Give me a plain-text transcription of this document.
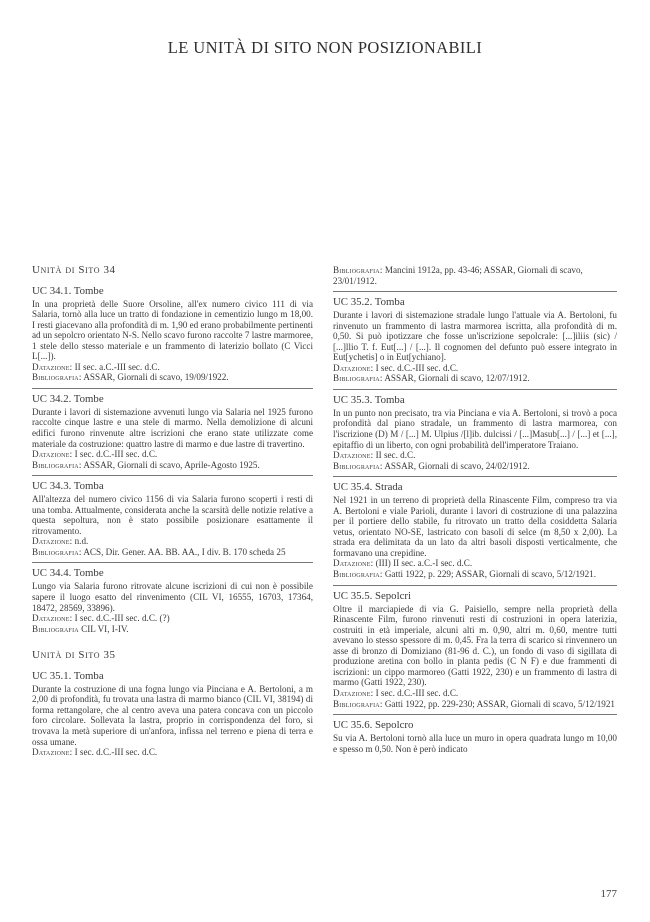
LE UNITÀ DI SITO NON POSIZIONABILI
Unità di Sito 34
UC 34.1. Tombe

In una proprietà delle Suore Orsoline, all'ex numero civico 111 di via Salaria, tornò alla luce un tratto di fondazione in cementizio lungo m 18,00. I resti giacevano alla profondità di m. 1,90 ed erano probabilmente pertinenti ad un sepolcro orientato N-S. Nello scavo furono raccolte 7 lastre marmoree, 1 stele dello stesso materiale e un frammento di laterizio bollato (C Vicci L[...]).

Datazione: II sec. a.C.-III sec. d.C.

Bibliografia: ASSAR, Giornali di scavo, 19/09/1922.

UC 34.2. Tombe

Durante i lavori di sistemazione avvenuti lungo via Salaria nel 1925 furono raccolte cinque lastre e una stele di marmo. Nella demolizione di alcuni edifici furono rinvenute altre iscrizioni che erano state utilizzate come materiale da costruzione: quattro lastre di marmo e due lastre di travertino.

Datazione: I sec. d.C.-III sec. d.C.

Bibliografia: ASSAR, Giornali di scavo, Aprile-Agosto 1925.

UC 34.3. Tomba

All'altezza del numero civico 1156 di via Salaria furono scoperti i resti di una tomba. Attualmente, considerata anche la scarsità delle notizie relative a questa sepoltura, non è stato possibile posizionare esattamente il ritrovamento.

Datazione: n.d.

Bibliografia: ACS, Dir. Gener. AA. BB. AA., I div. B. 170 scheda 25

UC 34.4. Tombe

Lungo via Salaria furono ritrovate alcune iscrizioni di cui non è possibile sapere il luogo esatto del rinvenimento (CIL VI, 16555, 16703, 17364, 18472, 28569, 33896).

Datazione: I sec. d.C.-III sec. d.C. (?)

Bibliografia CIL VI, I-IV.

Unità di Sito 35
UC 35.1. Tomba

Durante la costruzione di una fogna lungo via Pinciana e A. Bertoloni, a m 2,00 di profondità, fu trovata una lastra di marmo bianco (CIL VI, 38194) di forma rettangolare, che al centro aveva una patera concava con un piccolo foro circolare. Sollevata la lastra, proprio in corrispondenza del foro, si trovava la metà superiore di un'anfora, infissa nel terreno e piena di terra e ossa umane.

Datazione: I sec. d.C.-III sec. d.C.

Bibliografia: Mancini 1912a, pp. 43-46; ASSAR, Giornali di scavo, 23/01/1912.

UC 35.2. Tomba

Durante i lavori di sistemazione stradale lungo l'attuale via A. Bertoloni, fu rinvenuto un frammento di lastra marmorea iscritta, alla profondità di m. 0,50. Si può ipotizzare che fosse un'iscrizione sepolcrale: [...]iliis (sic) / [...]llio T. f. Eut[...] / [...]. Il cognomen del defunto può essere integrato in Eut[ychetis] o in Eut[ychiano].

Datazione: I sec. d.C.-III sec. d.C.

Bibliografia: ASSAR, Giornali di scavo, 12/07/1912.

UC 35.3. Tomba

In un punto non precisato, tra via Pinciana e via A. Bertoloni, si trovò a poca profondità dal piano stradale, un frammento di lastra marmorea, con l'iscrizione (D) M / [...] M. Ulpius /[l]ib. dulcissi / [...]Masub[...] / [...] et [...], epitaffio di un liberto, con ogni probabilità dell'imperatore Traiano.

Datazione: II sec. d.C.

Bibliografia: ASSAR, Giornali di scavo, 24/02/1912.

UC 35.4. Strada

Nel 1921 in un terreno di proprietà della Rinascente Film, compreso tra via A. Bertoloni e viale Parioli, durante i lavori di costruzione di una palazzina per il portiere dello stabile, fu ritrovato un tratto della cosiddetta Salaria vetus, orientato NO-SE, lastricato con basoli di selce (m 8,50 x 2,00). La strada era delimitata da un lato da altri basoli disposti verticalmente, che formavano una crepidine.

Datazione: (III) II sec. a.C.-I sec. d.C.

Bibliografia: Gatti 1922, p. 229; ASSAR, Giornali di scavo, 5/12/1921.

UC 35.5. Sepolcri

Oltre il marciapiede di via G. Paisiello, sempre nella proprietà della Rinascente Film, furono rinvenuti resti di costruzioni in opera laterizia, costruiti in età imperiale, alcuni alti m. 0,90, altri m. 0,60, mentre tutti avevano lo stesso spessore di m. 0,45. Fra la terra di scarico si rinvennero un asse di bronzo di Domiziano (81-96 d. C.), un fondo di vaso di sigillata di produzione aretina con bollo in planta pedis (C N F) e due frammenti di iscrizioni: un cippo marmoreo (Gatti 1922, 230) e un frammento di lastra di marmo (Gatti 1922, 230).

Datazione: I sec. d.C.-III sec. d.C.

Bibliografia: Gatti 1922, pp. 229-230; ASSAR, Giornali di scavo, 5/12/1921

UC 35.6. Sepolcro

Su via A. Bertoloni tornò alla luce un muro in opera quadrata lungo m 10,00 e spesso m 0,50. Non è però indicato

177
